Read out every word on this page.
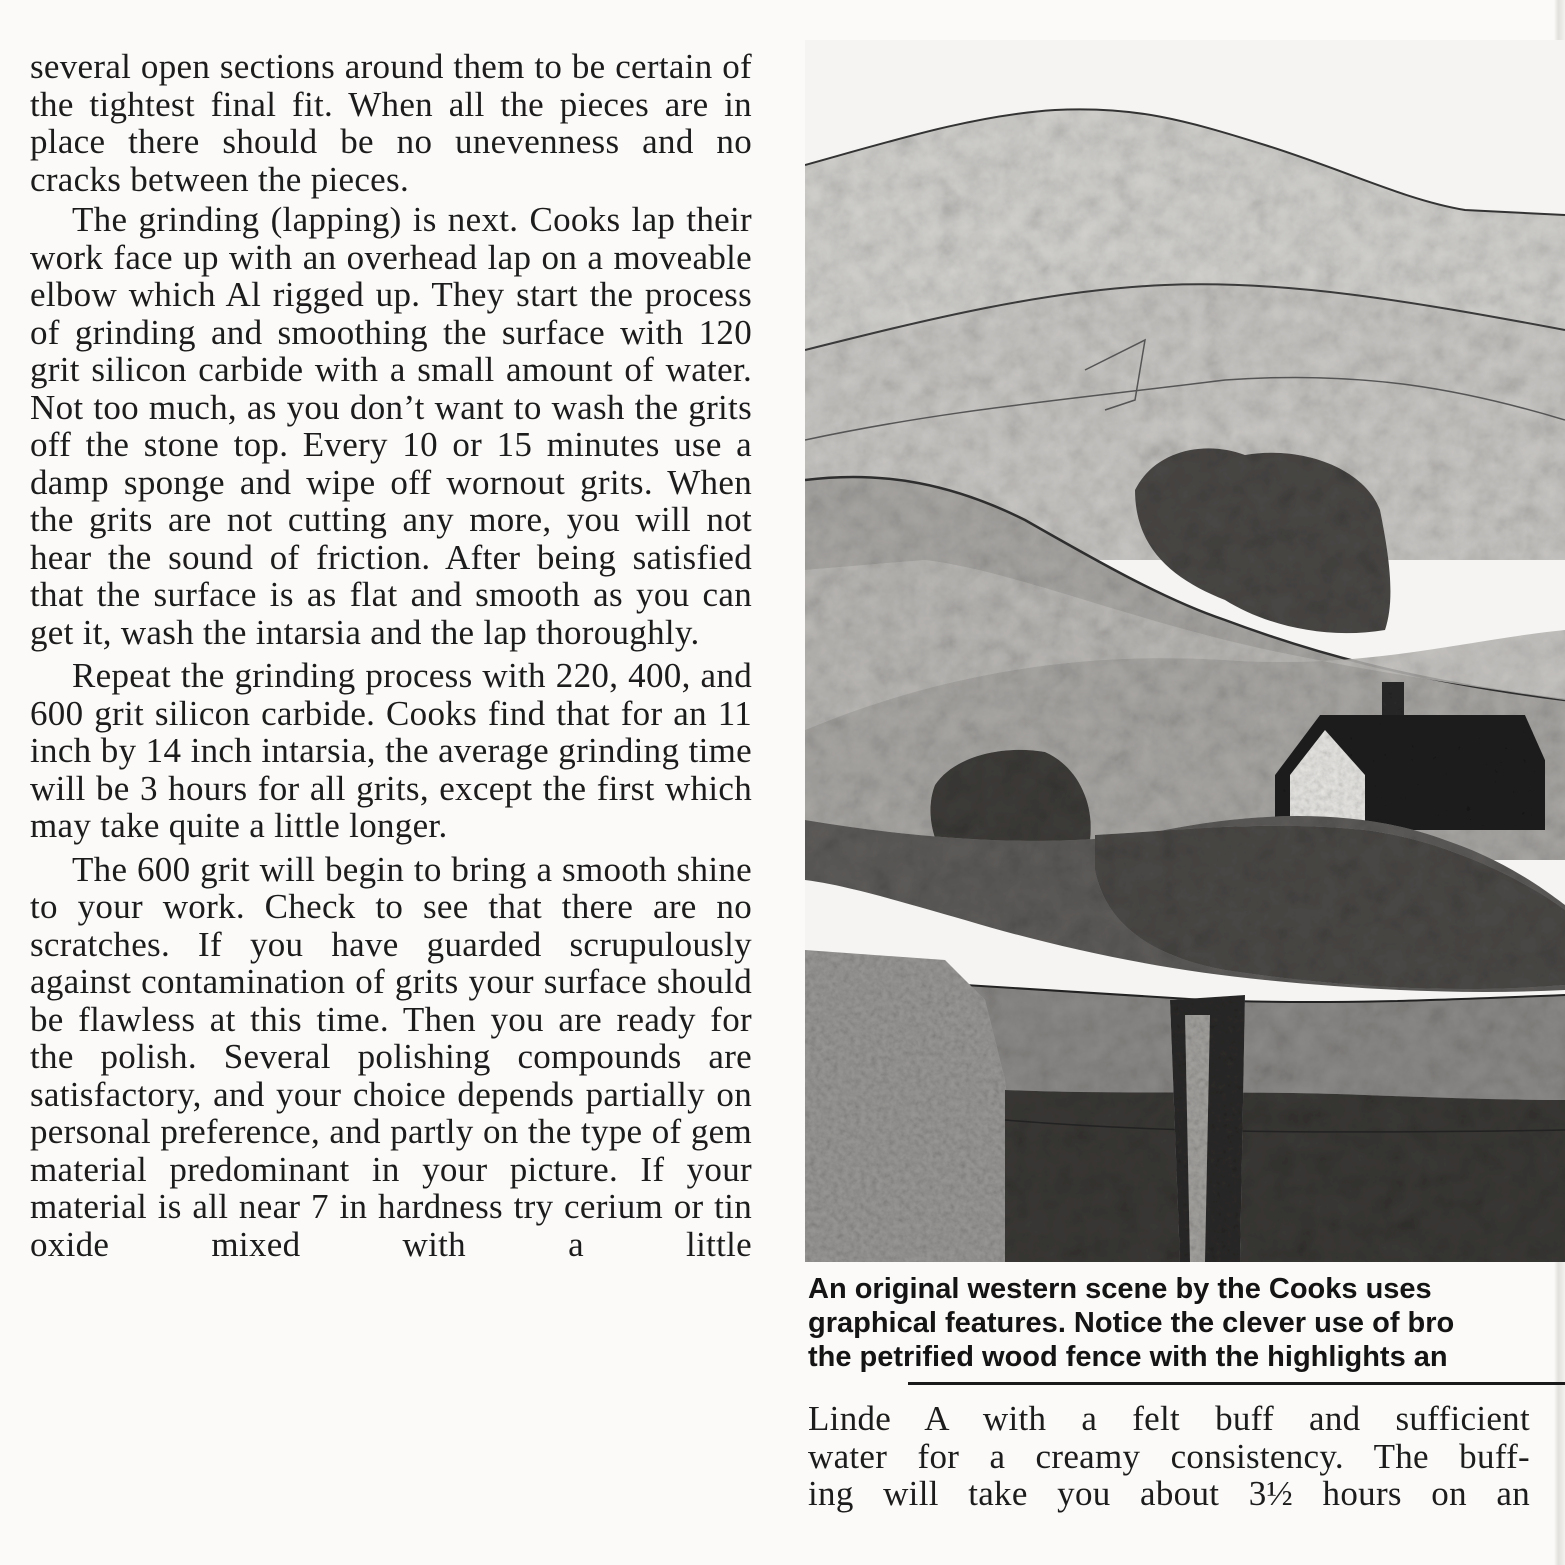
several open sections around them to be certain of the tightest final fit. When all the pieces are in place there should be no unevenness and no cracks between the pieces.

The grinding (lapping) is next. Cooks lap their work face up with an overhead lap on a moveable elbow which Al rigged up. They start the process of grinding and smoothing the surface with 120 grit silicon carbide with a small amount of water. Not too much, as you don’t want to wash the grits off the stone top. Every 10 or 15 minutes use a damp sponge and wipe off wornout grits. When the grits are not cutting any more, you will not hear the sound of friction. After being satisfied that the surface is as flat and smooth as you can get it, wash the intarsia and the lap thoroughly.

Repeat the grinding process with 220, 400, and 600 grit silicon carbide. Cooks find that for an 11 inch by 14 inch intarsia, the average grinding time will be 3 hours for all grits, except the first which may take quite a little longer.

The 600 grit will begin to bring a smooth shine to your work. Check to see that there are no scratches. If you have guarded scrupulously against contamination of grits your surface should be flawless at this time. Then you are ready for the polish. Several polishing compounds are satisfactory, and your choice depends partially on personal preference, and partly on the type of gem material predominant in your picture. If your material is all near 7 in hardness try cerium or tin oxide mixed with a little

An original western scene by the Cooks uses
graphical features. Notice the clever use of bro
the petrified wood fence with the highlights an
Linde A with a felt buff and sufficient
water for a creamy consistency. The buff-
ing will take you about 3½ hours on an
